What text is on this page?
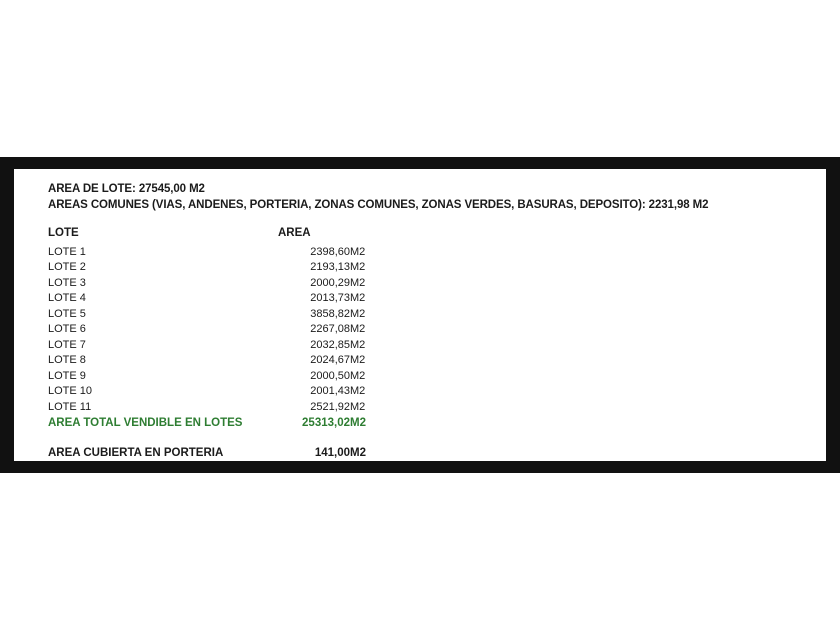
AREA DE LOTE: 27545,00 M2
AREAS COMUNES (VIAS, ANDENES, PORTERIA, ZONAS COMUNES, ZONAS VERDES, BASURAS, DEPOSITO): 2231,98 M2
LOTE	AREA	
LOTE 1	2398,60	M2
LOTE 2	2193,13	M2
LOTE 3	2000,29	M2
LOTE 4	2013,73	M2
LOTE 5	3858,82	M2
LOTE 6	2267,08	M2
LOTE 7	2032,85	M2
LOTE 8	2024,67	M2
LOTE 9	2000,50	M2
LOTE 10	2001,43	M2
LOTE 11	2521,92	M2
AREA TOTAL VENDIBLE EN LOTES	25313,02	M2

AREA CUBIERTA EN PORTERIA	141,00	M2
